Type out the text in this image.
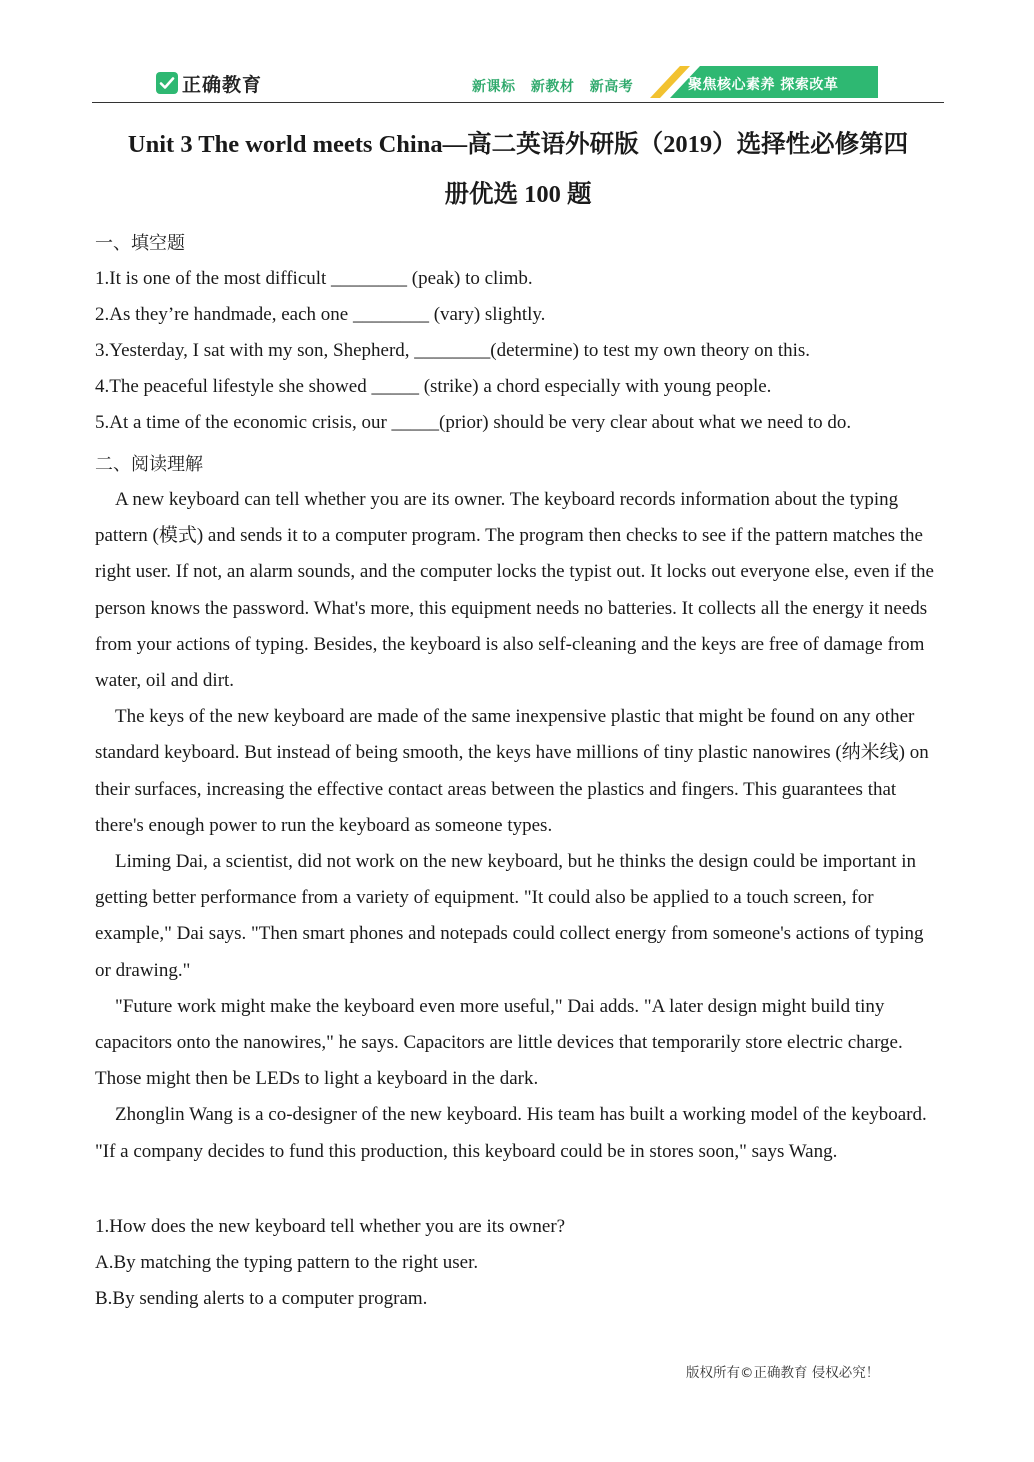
正确教育	新课标 新教材 新高考	聚焦核心素养 探索改革
Unit 3 The world meets China—高二英语外研版（2019）选择性必修第四
册优选 100 题

一、填空题

1.It is one of the most difficult ________ (peak) to climb.

2.As they’re handmade, each one ________ (vary) slightly.

3.Yesterday, I sat with my son, Shepherd, ________(determine) to test my own theory on this.

4.The peaceful lifestyle she showed _____ (strike) a chord especially with young people.

5.At a time of the economic crisis, our _____(prior) should be very clear about what we need to do.

二、阅读理解

A new keyboard can tell whether you are its owner. The keyboard records information about the typing pattern (模式) and sends it to a computer program. The program then checks to see if the pattern matches the right user. If not, an alarm sounds, and the computer locks the typist out. It locks out everyone else, even if the person knows the password. What's more, this equipment needs no batteries. It collects all the energy it needs from your actions of typing. Besides, the keyboard is also self-cleaning and the keys are free of damage from water, oil and dirt.

The keys of the new keyboard are made of the same inexpensive plastic that might be found on any other standard keyboard. But instead of being smooth, the keys have millions of tiny plastic nanowires (纳米线) on their surfaces, increasing the effective contact areas between the plastics and fingers. This guarantees that there's enough power to run the keyboard as someone types.

Liming Dai, a scientist, did not work on the new keyboard, but he thinks the design could be important in getting better performance from a variety of equipment. "It could also be applied to a touch screen, for example," Dai says. "Then smart phones and notepads could collect energy from someone's actions of typing or drawing."

"Future work might make the keyboard even more useful," Dai adds. "A later design might build tiny capacitors onto the nanowires," he says. Capacitors are little devices that temporarily store electric charge. Those might then be LEDs to light a keyboard in the dark.

Zhonglin Wang is a co-designer of the new keyboard. His team has built a working model of the keyboard. "If a company decides to fund this production, this keyboard could be in stores soon," says Wang.

1.How does the new keyboard tell whether you are its owner?

A.By matching the typing pattern to the right user.

B.By sending alerts to a computer program.

版权所有©正确教育 侵权必究！
